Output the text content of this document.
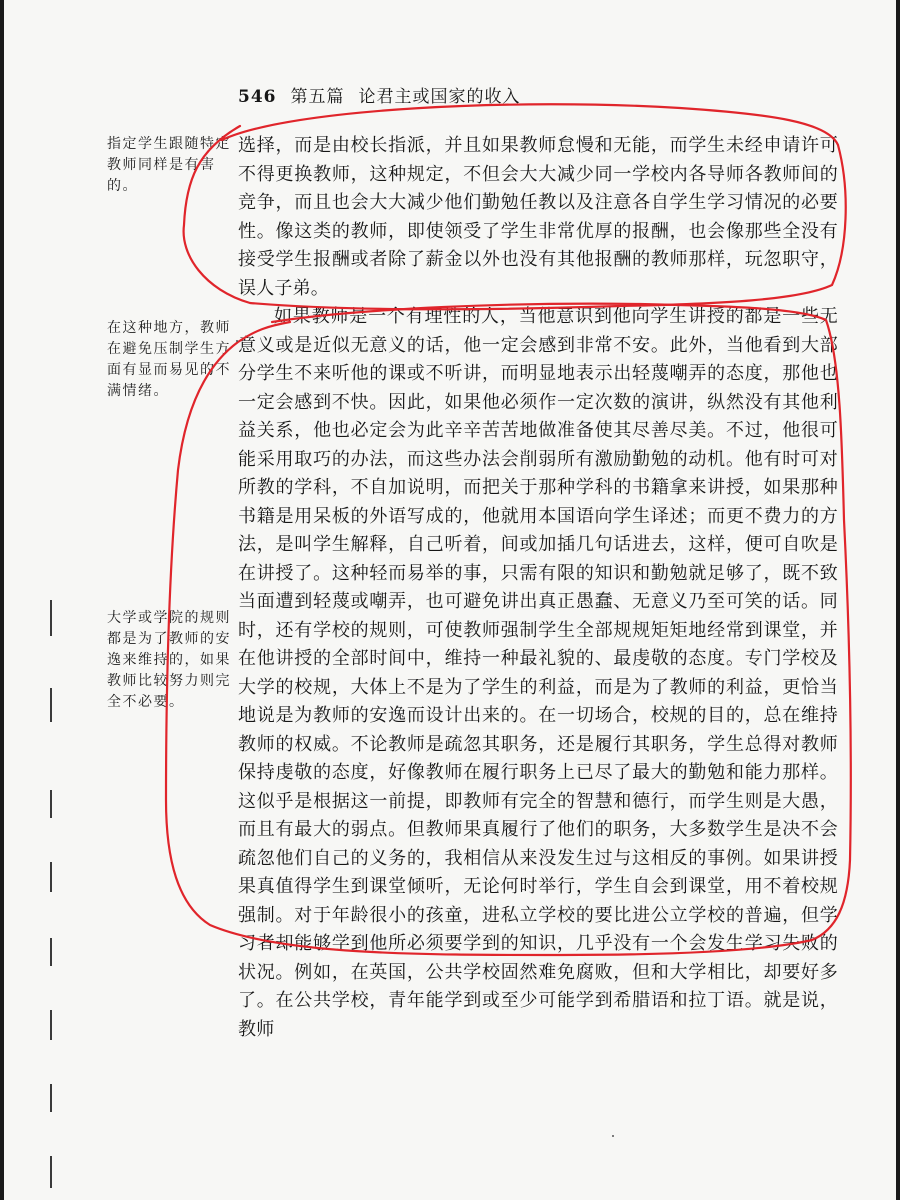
546 第五篇 论君主或国家的收入
指定学生跟随特定教师同样是有害的。
在这种地方，教师在避免压制学生方面有显而易见的不满情绪。
大学或学院的规则都是为了教师的安逸来维持的，如果教师比较努力则完全不必要。

选择，而是由校长指派，并且如果教师怠慢和无能，而学生未经申请许可不得更换教师，这种规定，不但会大大减少同一学校内各导师各教师间的竞争，而且也会大大减少他们勤勉任教以及注意各自学生学习情况的必要性。像这类的教师，即使领受了学生非常优厚的报酬，也会像那些全没有接受学生报酬或者除了薪金以外也没有其他报酬的教师那样，玩忽职守，误人子弟。

如果教师是一个有理性的人，当他意识到他向学生讲授的都是一些无意义或是近似无意义的话，他一定会感到非常不安。此外，当他看到大部分学生不来听他的课或不听讲，而明显地表示出轻蔑嘲弄的态度，那他也一定会感到不快。因此，如果他必须作一定次数的演讲，纵然没有其他利益关系，他也必定会为此辛辛苦苦地做准备使其尽善尽美。不过，他很可能采用取巧的办法，而这些办法会削弱所有激励勤勉的动机。他有时可对所教的学科，不自加说明，而把关于那种学科的书籍拿来讲授，如果那种书籍是用呆板的外语写成的，他就用本国语向学生译述；而更不费力的方法，是叫学生解释，自己听着，间或加插几句话进去，这样，便可自吹是在讲授了。这种轻而易举的事，只需有限的知识和勤勉就足够了，既不致当面遭到轻蔑或嘲弄，也可避免讲出真正愚蠢、无意义乃至可笑的话。同时，还有学校的规则，可使教师强制学生全部规规矩矩地经常到课堂，并在他讲授的全部时间中，维持一种最礼貌的、最虔敬的态度。专门学校及大学的校规，大体上不是为了学生的利益，而是为了教师的利益，更恰当地说是为教师的安逸而设计出来的。在一切场合，校规的目的，总在维持教师的权威。不论教师是疏忽其职务，还是履行其职务，学生总得对教师保持虔敬的态度，好像教师在履行职务上已尽了最大的勤勉和能力那样。这似乎是根据这一前提，即教师有完全的智慧和德行，而学生则是大愚，而且有最大的弱点。但教师果真履行了他们的职务，大多数学生是决不会疏忽他们自己的义务的，我相信从来没发生过与这相反的事例。如果讲授果真值得学生到课堂倾听，无论何时举行，学生自会到课堂，用不着校规强制。对于年龄很小的孩童，进私立学校的要比进公立学校的普遍，但学习者却能够学到他所必须要学到的知识，几乎没有一个会发生学习失败的状况。例如，在英国，公共学校固然难免腐败，但和大学相比，却要好多了。在公共学校，青年能学到或至少可能学到希腊语和拉丁语。就是说，教师
